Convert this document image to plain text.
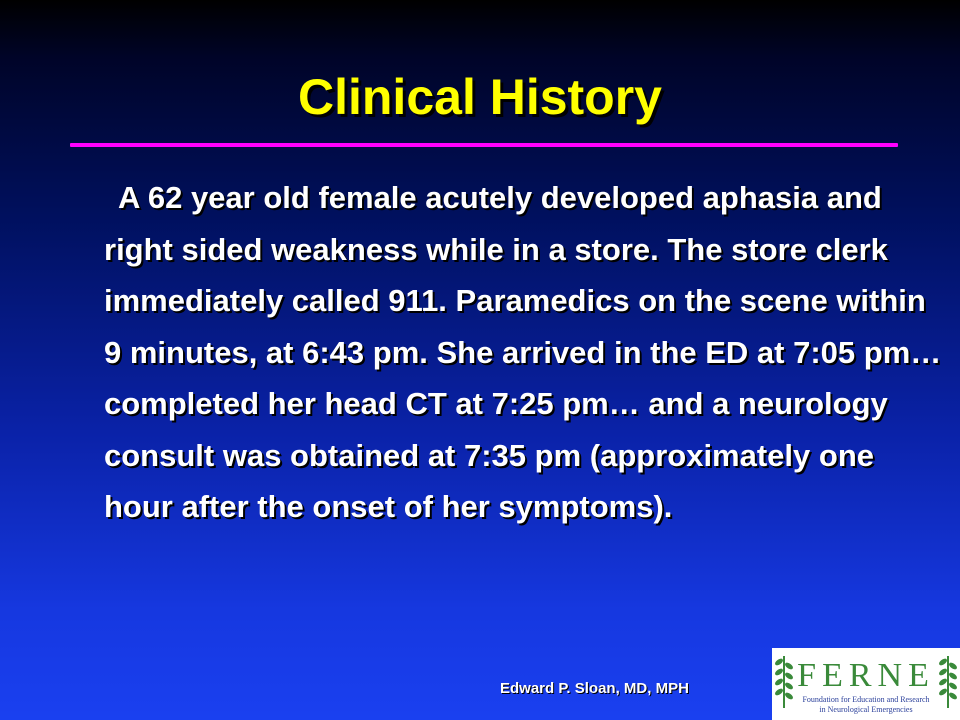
Clinical History

A 62 year old female acutely developed aphasia and right sided weakness while in a store. The store clerk immediately called 911. Paramedics on the scene within 9 minutes, at 6:43 pm. She arrived in the ED at 7:05 pm… completed her head CT at 7:25 pm… and a neurology consult was obtained at 7:35 pm (approximately one hour after the onset of her symptoms).

Edward P. Sloan, MD, MPH	FERNE
Foundation for Education and Research
in Neurological Emergencies
